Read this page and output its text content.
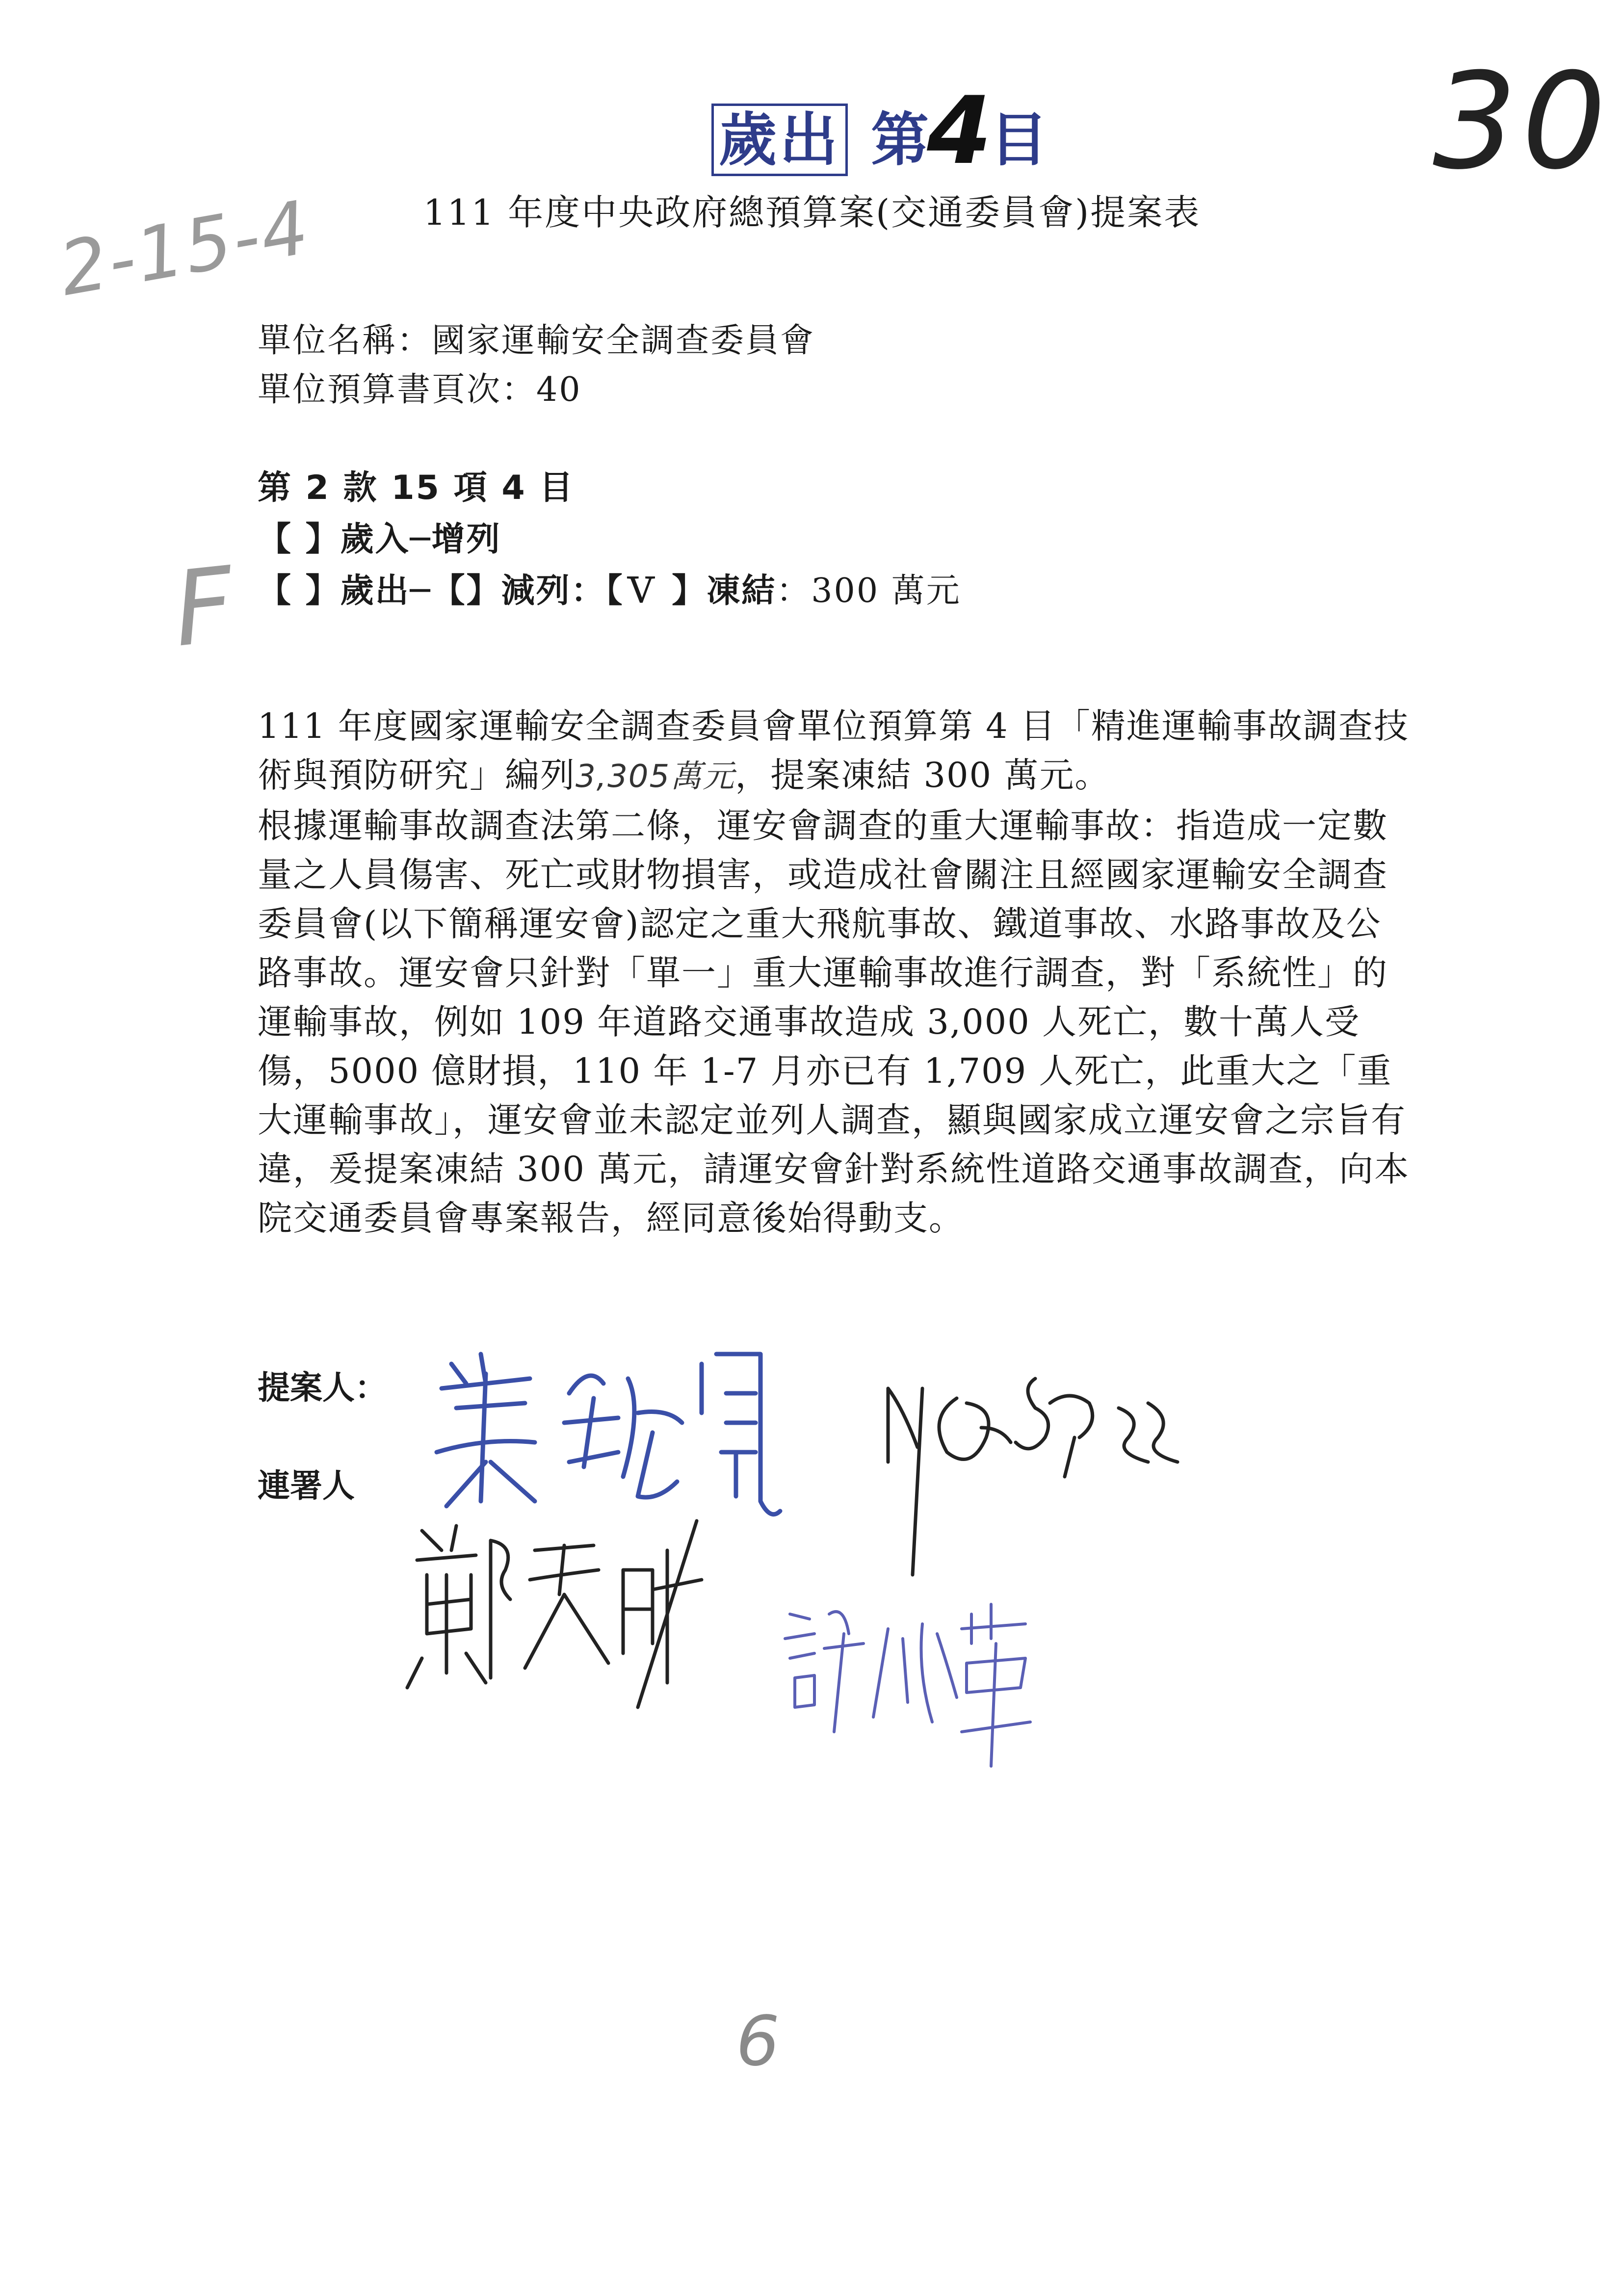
歲出 第4目	30
2-15-4
F
111 年度中央政府總預算案(交通委員會)提案表
單位名稱：國家運輸安全調查委員會
單位預算書頁次：40
第 2 款 15 項 4 目
【 】歲入─增列
【 】歲出─【】減列：【Ｖ 】凍結：300 萬元

111 年度國家運輸安全調查委員會單位預算第 4 目「精進運輸事故調查技術與預防研究」編列3,305萬元，提案凍結 300 萬元。

根據運輸事故調查法第二條，運安會調查的重大運輸事故：指造成一定數量之人員傷害、死亡或財物損害，或造成社會關注且經國家運輸安全調查委員會(以下簡稱運安會)認定之重大飛航事故、鐵道事故、水路事故及公路事故。運安會只針對「單一」重大運輸事故進行調查，對「系統性」的運輸事故，例如 109 年道路交通事故造成 3,000 人死亡，數十萬人受傷，5000 億財損，110 年 1-7 月亦已有 1,709 人死亡，此重大之「重大運輸事故」，運安會並未認定並列人調查，顯與國家成立運安會之宗旨有違，爰提案凍結 300 萬元，請運安會針對系統性道路交通事故調查，向本院交通委員會專案報告，經同意後始得動支。

提案人：
連署人
6
